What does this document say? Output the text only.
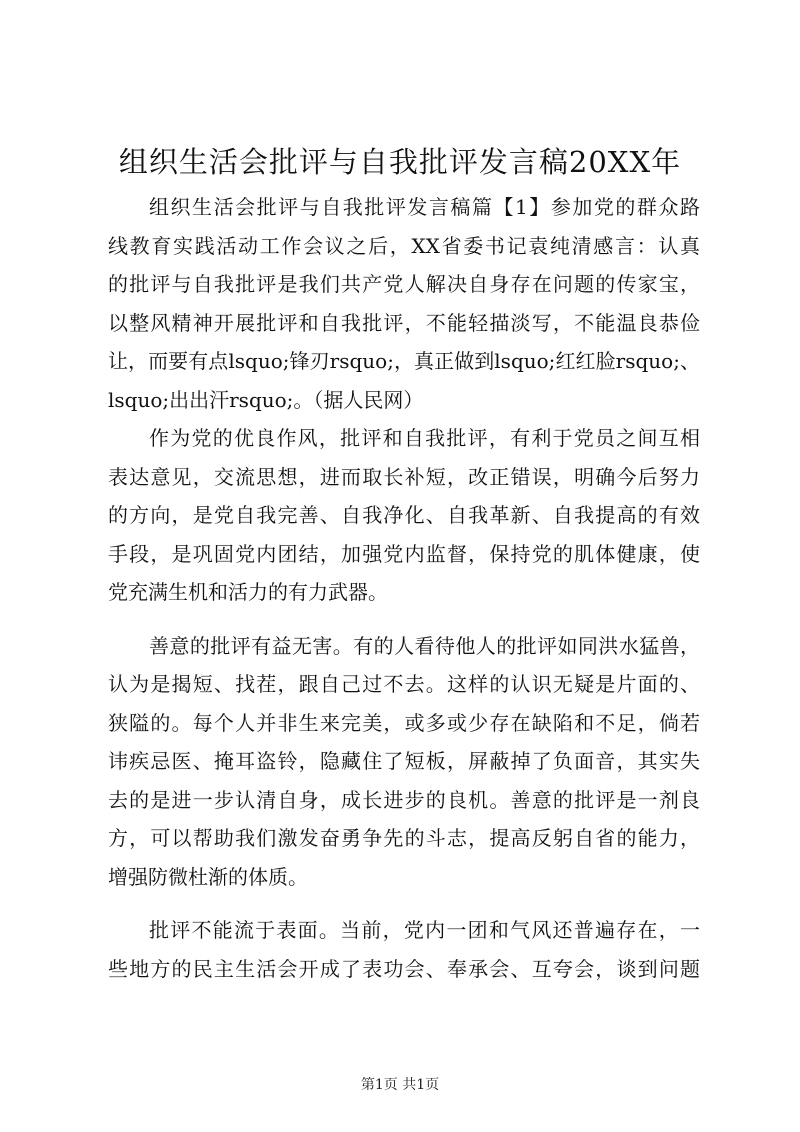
组织生活会批评与自我批评发言稿20XX年
组织生活会批评与自我批评发言稿篇【1】参加党的群众路
线教育实践活动工作会议之后，XX省委书记袁纯清感言：认真
的批评与自我批评是我们共产党人解决自身存在问题的传家宝，
以整风精神开展批评和自我批评，不能轻描淡写，不能温良恭俭
让，而要有点lsquo;锋刃rsquo;，真正做到lsquo;红红脸rsquo;、
lsquo;出出汗rsquo;。（据人民网）
作为党的优良作风，批评和自我批评，有利于党员之间互相
表达意见，交流思想，进而取长补短，改正错误，明确今后努力
的方向，是党自我完善、自我净化、自我革新、自我提高的有效
手段，是巩固党内团结，加强党内监督，保持党的肌体健康，使
党充满生机和活力的有力武器。
善意的批评有益无害。有的人看待他人的批评如同洪水猛兽，
认为是揭短、找茬，跟自己过不去。这样的认识无疑是片面的、
狭隘的。每个人并非生来完美，或多或少存在缺陷和不足，倘若
讳疾忌医、掩耳盗铃，隐藏住了短板，屏蔽掉了负面音，其实失
去的是进一步认清自身，成长进步的良机。善意的批评是一剂良
方，可以帮助我们激发奋勇争先的斗志，提高反躬自省的能力，
增强防微杜渐的体质。
批评不能流于表面。当前，党内一团和气风还普遍存在，一
些地方的民主生活会开成了表功会、奉承会、互夸会，谈到问题
第1页 共1页
